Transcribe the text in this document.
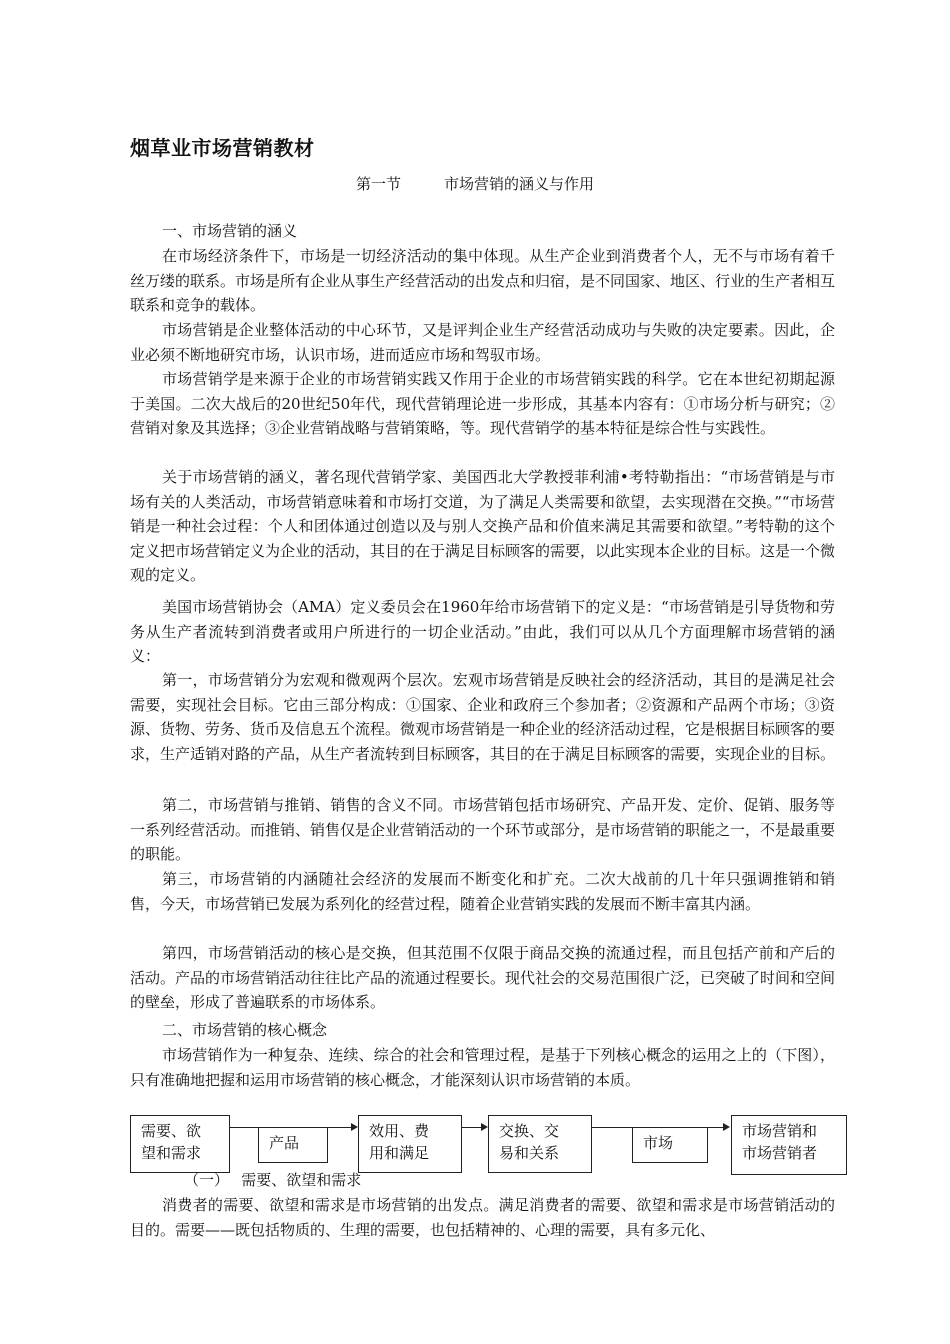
烟草业市场营销教材
第一节	市场营销的涵义与作用

一、市场营销的涵义

在市场经济条件下，市场是一切经济活动的集中体现。从生产企业到消费者个人，无不与市场有着千丝万缕的联系。市场是所有企业从事生产经营活动的出发点和归宿，是不同国家、地区、行业的生产者相互联系和竞争的载体。

市场营销是企业整体活动的中心环节，又是评判企业生产经营活动成功与失败的决定要素。因此，企业必须不断地研究市场，认识市场，进而适应市场和驾驭市场。

市场营销学是来源于企业的市场营销实践又作用于企业的市场营销实践的科学。它在本世纪初期起源于美国。二次大战后的20世纪50年代，现代营销理论进一步形成，其基本内容有：①市场分析与研究；②营销对象及其选择；③企业营销战略与营销策略，等。现代营销学的基本特征是综合性与实践性。

关于市场营销的涵义，著名现代营销学家、美国西北大学教授菲利浦•考特勒指出：“市场营销是与市场有关的人类活动，市场营销意味着和市场打交道，为了满足人类需要和欲望，去实现潜在交换。”“市场营销是一种社会过程：个人和团体通过创造以及与别人交换产品和价值来满足其需要和欲望。”考特勒的这个定义把市场营销定义为企业的活动，其目的在于满足目标顾客的需要，以此实现本企业的目标。这是一个微观的定义。

美国市场营销协会（AMA）定义委员会在1960年给市场营销下的定义是：“市场营销是引导货物和劳务从生产者流转到消费者或用户所进行的一切企业活动。”由此，我们可以从几个方面理解市场营销的涵义：

第一，市场营销分为宏观和微观两个层次。宏观市场营销是反映社会的经济活动，其目的是满足社会需要，实现社会目标。它由三部分构成：①国家、企业和政府三个参加者；②资源和产品两个市场；③资源、货物、劳务、货币及信息五个流程。微观市场营销是一种企业的经济活动过程，它是根据目标顾客的要求，生产适销对路的产品，从生产者流转到目标顾客，其目的在于满足目标顾客的需要，实现企业的目标。

第二，市场营销与推销、销售的含义不同。市场营销包括市场研究、产品开发、定价、促销、服务等一系列经营活动。而推销、销售仅是企业营销活动的一个环节或部分，是市场营销的职能之一，不是最重要的职能。

第三，市场营销的内涵随社会经济的发展而不断变化和扩充。二次大战前的几十年只强调推销和销售，今天，市场营销已发展为系列化的经营过程，随着企业营销实践的发展而不断丰富其内涵。

第四，市场营销活动的核心是交换，但其范围不仅限于商品交换的流通过程，而且包括产前和产后的活动。产品的市场营销活动往往比产品的流通过程要长。现代社会的交易范围很广泛，已突破了时间和空间的壁垒，形成了普遍联系的市场体系。

二、市场营销的核心概念

市场营销作为一种复杂、连续、综合的社会和管理过程，是基于下列核心概念的运用之上的（下图），只有准确地把握和运用市场营销的核心概念，才能深刻认识市场营销的本质。

需要、欲
望和需求
产品
效用、费
用和满足
交换、交
易和关系
市场
市场营销和
市场营销者

（一）　 需要、欲望和需求

消费者的需要、欲望和需求是市场营销的出发点。满足消费者的需要、欲望和需求是市场营销活动的目的。需要——既包括物质的、生理的需要，也包括精神的、心理的需要，具有多元化、
